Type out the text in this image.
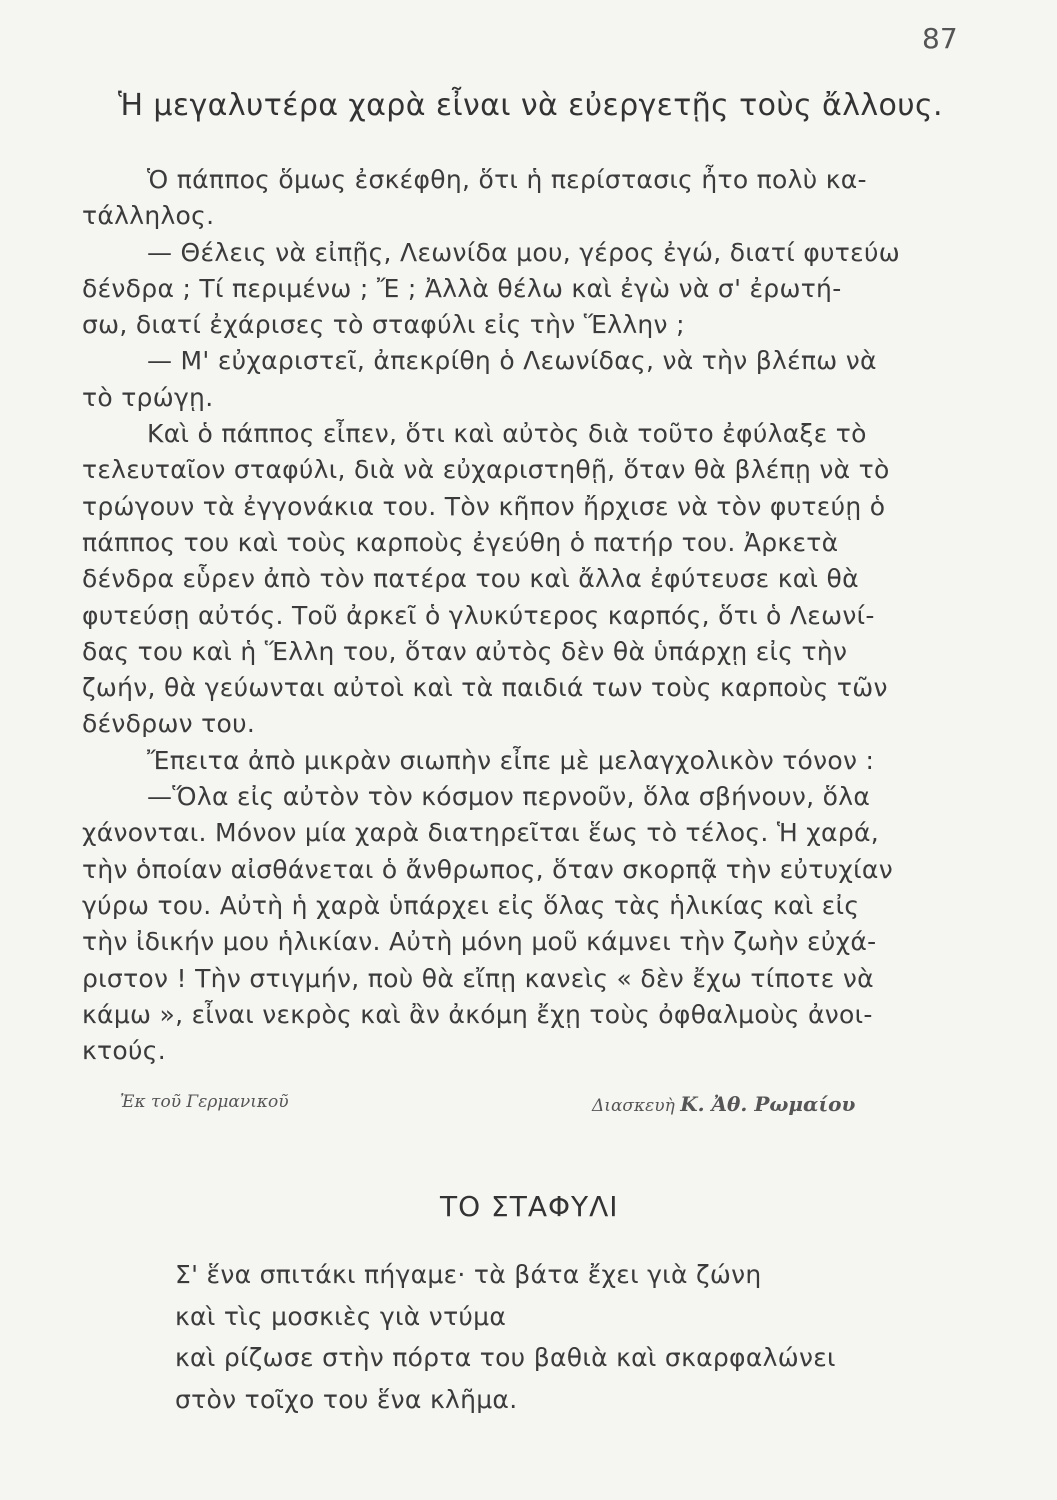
87
Ἡ μεγαλυτέρα χαρὰ εἶναι νὰ εὐεργετῇς τοὺς ἄλλους.
Ὁ πάππος ὅμως ἐσκέφθη, ὅτι ἡ περίστασις ἦτο πολὺ κα-
τάλληλος.
— Θέλεις νὰ εἰπῇς, Λεωνίδα μου, γέρος ἐγώ, διατί φυτεύω
δένδρα ; Τί περιμένω ; Ἔ ; Ἀλλὰ θέλω καὶ ἐγὼ νὰ σ' ἐρωτή-
σω, διατί ἐχάρισες τὸ σταφύλι εἰς τὴν Ἕλλην ;
— Μ' εὐχαριστεῖ, ἀπεκρίθη ὁ Λεωνίδας, νὰ τὴν βλέπω νὰ
τὸ τρώγῃ.
Καὶ ὁ πάππος εἶπεν, ὅτι καὶ αὐτὸς διὰ τοῦτο ἐφύλαξε τὸ
τελευταῖον σταφύλι, διὰ νὰ εὐχαριστηθῇ, ὅταν θὰ βλέπῃ νὰ τὸ
τρώγουν τὰ ἐγγονάκια του. Τὸν κῆπον ἤρχισε νὰ τὸν φυτεύῃ ὁ
πάππος του καὶ τοὺς καρποὺς ἐγεύθη ὁ πατήρ του. Ἀρκετὰ
δένδρα εὗρεν ἀπὸ τὸν πατέρα του καὶ ἄλλα ἐφύτευσε καὶ θὰ
φυτεύσῃ αὐτός. Τοῦ ἀρκεῖ ὁ γλυκύτερος καρπός, ὅτι ὁ Λεωνί-
δας του καὶ ἡ Ἕλλη του, ὅταν αὐτὸς δὲν θὰ ὑπάρχῃ εἰς τὴν
ζωήν, θὰ γεύωνται αὐτοὶ καὶ τὰ παιδιά των τοὺς καρποὺς τῶν
δένδρων του.
Ἔπειτα ἀπὸ μικρὰν σιωπὴν εἶπε μὲ μελαγχολικὸν τόνον :
—Ὅλα εἰς αὐτὸν τὸν κόσμον περνοῦν, ὅλα σβήνουν, ὅλα
χάνονται. Μόνον μία χαρὰ διατηρεῖται ἕως τὸ τέλος. Ἡ χαρά,
τὴν ὁποίαν αἰσθάνεται ὁ ἄνθρωπος, ὅταν σκορπᾷ τὴν εὐτυχίαν
γύρω του. Αὐτὴ ἡ χαρὰ ὑπάρχει εἰς ὅλας τὰς ἡλικίας καὶ εἰς
τὴν ἰδικήν μου ἡλικίαν. Αὐτὴ μόνη μοῦ κάμνει τὴν ζωὴν εὐχά-
ριστον ! Τὴν στιγμήν, ποὺ θὰ εἴπῃ κανεὶς « δὲν ἔχω τίποτε νὰ
κάμω », εἶναι νεκρὸς καὶ ἂν ἀκόμη ἔχῃ τοὺς ὀφθαλμοὺς ἀνοι-
κτούς.
Ἐκ τοῦ Γερμανικοῦ	Διασκευὴ Κ. Ἀθ. Ρωμαίου
ΤΟ ΣΤΑΦΥΛΙ
Σ' ἕνα σπιτάκι πήγαμε· τὰ βάτα ἔχει γιὰ ζώνη
καὶ τὶς μοσκιὲς γιὰ ντύμα
καὶ ρίζωσε στὴν πόρτα του βαθιὰ καὶ σκαρφαλώνει
στὸν τοῖχο του ἕνα κλῆμα.
